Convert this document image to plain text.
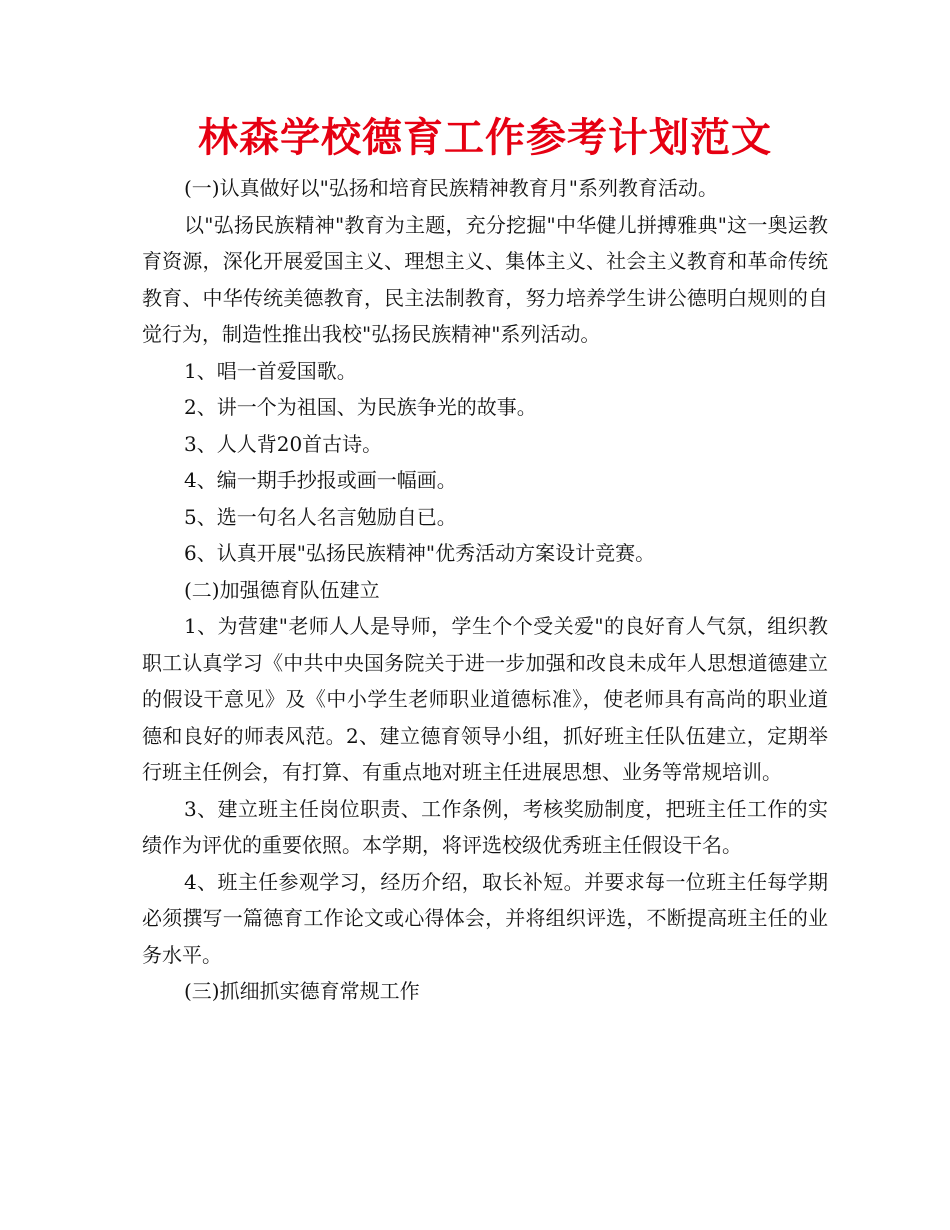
林森学校德育工作参考计划范文

(一)认真做好以"弘扬和培育民族精神教育月"系列教育活动。

以"弘扬民族精神"教育为主题，充分挖掘"中华健儿拼搏雅典"这一奥运教育资源，深化开展爱国主义、理想主义、集体主义、社会主义教育和革命传统教育、中华传统美德教育，民主法制教育，努力培养学生讲公德明白规则的自觉行为，制造性推出我校"弘扬民族精神"系列活动。

1、唱一首爱国歌。

2、讲一个为祖国、为民族争光的故事。

3、人人背20首古诗。

4、编一期手抄报或画一幅画。

5、选一句名人名言勉励自已。

6、认真开展"弘扬民族精神"优秀活动方案设计竞赛。

(二)加强德育队伍建立

1、为营建"老师人人是导师，学生个个受关爱"的良好育人气氛，组织教职工认真学习《中共中央国务院关于进一步加强和改良未成年人思想道德建立的假设干意见》及《中小学生老师职业道德标准》，使老师具有高尚的职业道德和良好的师表风范。2、建立德育领导小组，抓好班主任队伍建立，定期举行班主任例会，有打算、有重点地对班主任进展思想、业务等常规培训。

3、建立班主任岗位职责、工作条例，考核奖励制度，把班主任工作的实绩作为评优的重要依照。本学期，将评选校级优秀班主任假设干名。

4、班主任参观学习，经历介绍，取长补短。并要求每一位班主任每学期必须撰写一篇德育工作论文或心得体会，并将组织评选，不断提高班主任的业务水平。

(三)抓细抓实德育常规工作
